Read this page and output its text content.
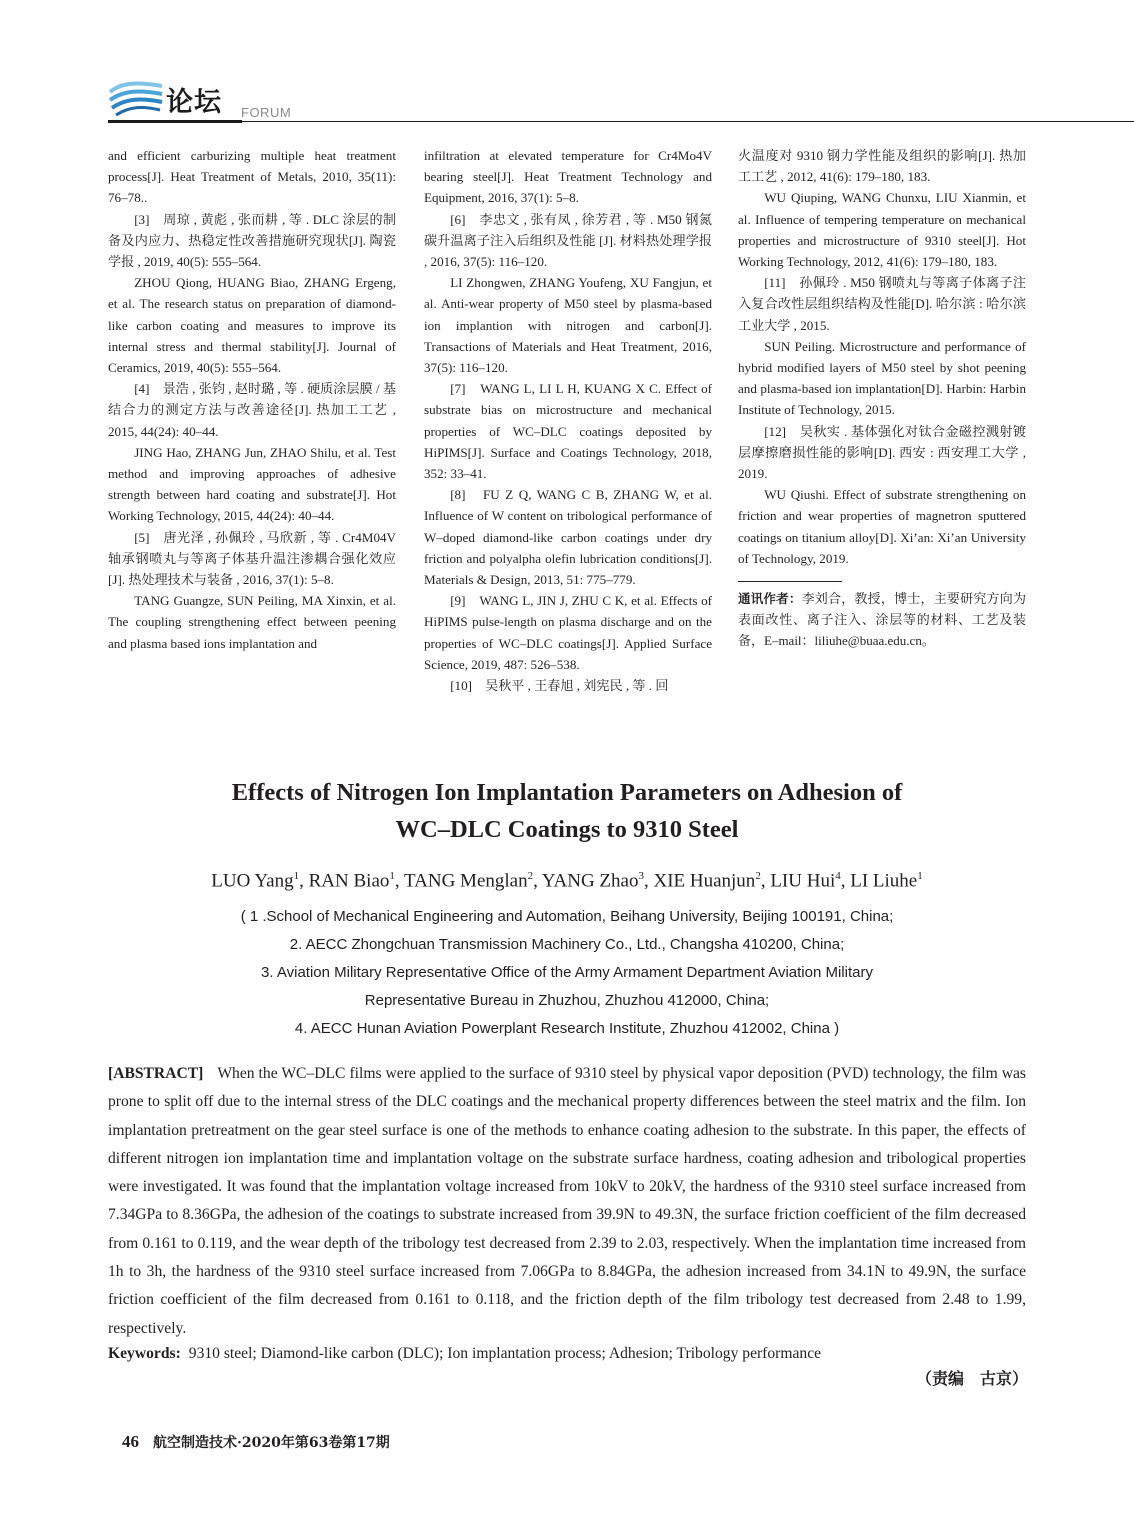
论坛 FORUM

and efficient carburizing multiple heat treatment process[J]. Heat Treatment of Metals, 2010, 35(11): 76–78..

[3]　周琼 , 黄彪 , 张而耕 , 等 . DLC 涂层的制备及内应力、热稳定性改善措施研究现状[J]. 陶瓷学报 , 2019, 40(5): 555–564.

ZHOU Qiong, HUANG Biao, ZHANG Ergeng, et al. The research status on preparation of diamond-like carbon coating and measures to improve its internal stress and thermal stability[J]. Journal of Ceramics, 2019, 40(5): 555–564.

[4]　景浩 , 张钧 , 赵时璐 , 等 . 硬质涂层膜 / 基结合力的测定方法与改善途径[J]. 热加工工艺 , 2015, 44(24): 40–44.

JING Hao, ZHANG Jun, ZHAO Shilu, et al. Test method and improving approaches of adhesive strength between hard coating and substrate[J]. Hot Working Technology, 2015, 44(24): 40–44.

[5]　唐光泽 , 孙佩玲 , 马欣新 , 等 . Cr4M04V 轴承钢喷丸与等离子体基升温注渗耦合强化效应[J]. 热处理技术与装备 , 2016, 37(1): 5–8.

TANG Guangze, SUN Peiling, MA Xinxin, et al. The coupling strengthening effect between peening and plasma based ions implantation and

infiltration at elevated temperature for Cr4Mo4V bearing steel[J]. Heat Treatment Technology and Equipment, 2016, 37(1): 5–8.

[6]　李忠文 , 张有凤 , 徐芳君 , 等 . M50 钢氮碳升温离子注入后组织及性能 [J]. 材料热处理学报 , 2016, 37(5): 116–120.

LI Zhongwen, ZHANG Youfeng, XU Fangjun, et al. Anti-wear property of M50 steel by plasma-based ion implantion with nitrogen and carbon[J]. Transactions of Materials and Heat Treatment, 2016, 37(5): 116–120.

[7]　WANG L, LI L H, KUANG X C. Effect of substrate bias on microstructure and mechanical properties of WC–DLC coatings deposited by HiPIMS[J]. Surface and Coatings Technology, 2018, 352: 33–41.

[8]　FU Z Q, WANG C B, ZHANG W, et al. Influence of W content on tribological performance of W–doped diamond-like carbon coatings under dry friction and polyalpha olefin lubrication conditions[J]. Materials & Design, 2013, 51: 775–779.

[9]　WANG L, JIN J, ZHU C K, et al. Effects of HiPIMS pulse-length on plasma discharge and on the properties of WC–DLC coatings[J]. Applied Surface Science, 2019, 487: 526–538.

[10]　吴秋平 , 王春旭 , 刘宪民 , 等 . 回

火温度对 9310 钢力学性能及组织的影响[J]. 热加工工艺 , 2012, 41(6): 179–180, 183.

WU Qiuping, WANG Chunxu, LIU Xianmin, et al. Influence of tempering temperature on mechanical properties and microstructure of 9310 steel[J]. Hot Working Technology, 2012, 41(6): 179–180, 183.

[11]　孙佩玲 . M50 钢喷丸与等离子体离子注入复合改性层组织结构及性能[D]. 哈尔滨 : 哈尔滨工业大学 , 2015.

SUN Peiling. Microstructure and performance of hybrid modified layers of M50 steel by shot peening and plasma-based ion implantation[D]. Harbin: Harbin Institute of Technology, 2015.

[12]　吴秋实 . 基体强化对钛合金磁控溅射镀层摩擦磨损性能的影响[D]. 西安 : 西安理工大学 , 2019.

WU Qiushi. Effect of substrate strengthening on friction and wear properties of magnetron sputtered coatings on titanium alloy[D]. Xi’an: Xi’an University of Technology, 2019.

通讯作者：李刘合，教授，博士，主要研究方向为表面改性、离子注入、涂层等的材料、工艺及装备，E–mail：liliuhe@buaa.edu.cn。
Effects of Nitrogen Ion Implantation Parameters on Adhesion of
WC–DLC Coatings to 9310 Steel
LUO Yang$^1$, RAN Biao$^1$, TANG Menglan$^2$, YANG Zhao$^3$, XIE Huanjun$^2$, LIU Hui$^4$, LI Liuhe$^1$
( 1 .School of Mechanical Engineering and Automation, Beihang University, Beijing 100191, China;
2. AECC Zhongchuan Transmission Machinery Co., Ltd., Changsha 410200, China;
3. Aviation Military Representative Office of the Army Armament Department Aviation Military
Representative Bureau in Zhuzhou, Zhuzhou 412000, China;
4. AECC Hunan Aviation Powerplant Research Institute, Zhuzhou 412002, China )
[ABSTRACT] When the WC–DLC films were applied to the surface of 9310 steel by physical vapor deposition (PVD) technology, the film was prone to split off due to the internal stress of the DLC coatings and the mechanical property differences between the steel matrix and the film. Ion implantation pretreatment on the gear steel surface is one of the methods to enhance coating adhesion to the substrate. In this paper, the effects of different nitrogen ion implantation time and implantation voltage on the substrate surface hardness, coating adhesion and tribological properties were investigated. It was found that the implantation voltage increased from 10kV to 20kV, the hardness of the 9310 steel surface increased from 7.34GPa to 8.36GPa, the adhesion of the coatings to substrate increased from 39.9N to 49.3N, the surface friction coefficient of the film decreased from 0.161 to 0.119, and the wear depth of the tribology test decreased from 2.39 to 2.03, respectively. When the implantation time increased from 1h to 3h, the hardness of the 9310 steel surface increased from 7.06GPa to 8.84GPa, the adhesion increased from 34.1N to 49.9N, the surface friction coefficient of the film decreased from 0.161 to 0.118, and the friction depth of the film tribology test decreased from 2.48 to 1.99, respectively.
Keywords: 9310 steel; Diamond-like carbon (DLC); Ion implantation process; Adhesion; Tribology performance
（责编　古京）
46 航空制造技术·2020年第63卷第17期
